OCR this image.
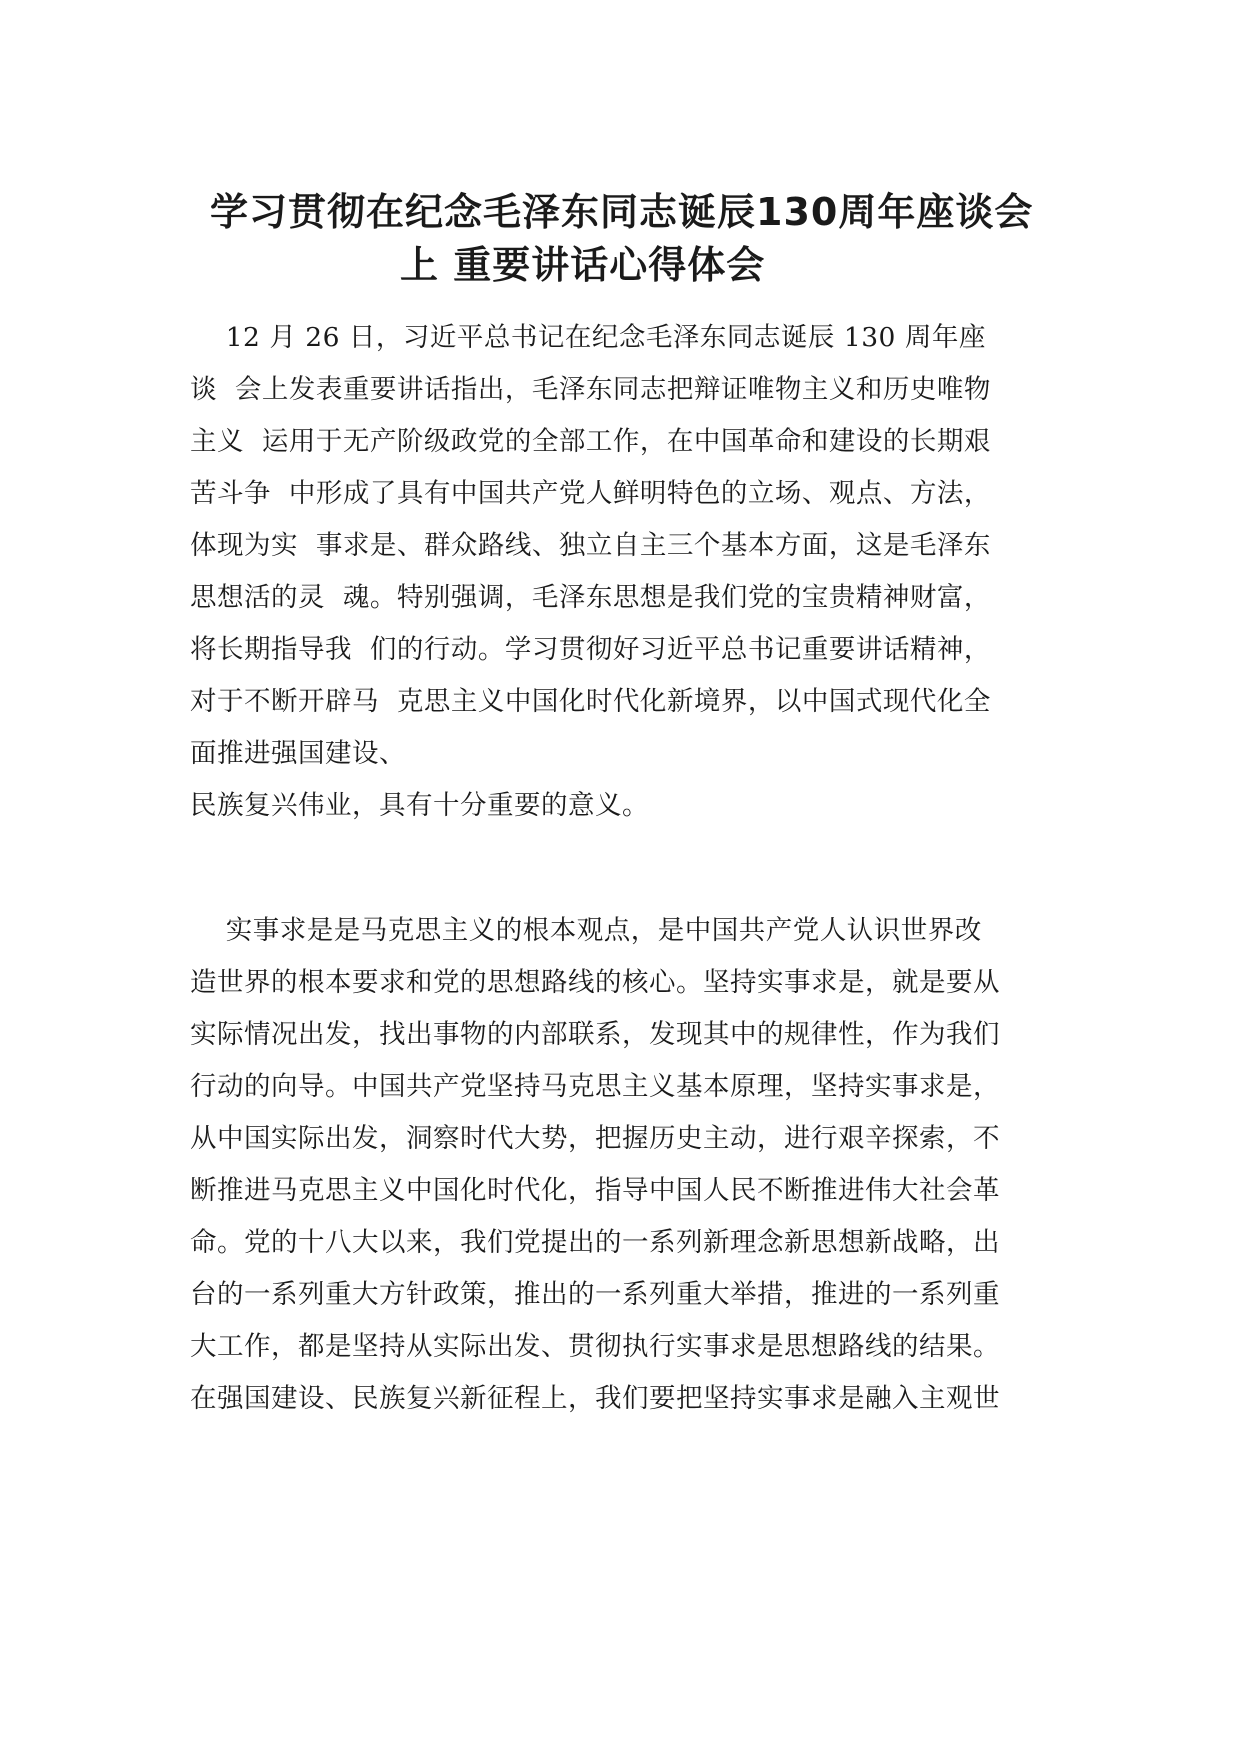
学习贯彻在纪念毛泽东同志诞辰130周年座谈会
上 重要讲话心得体会
12 月 26 日，习近平总书记在纪念毛泽东同志诞辰 130 周年座
谈  会上发表重要讲话指出，毛泽东同志把辩证唯物主义和历史唯物
主义  运用于无产阶级政党的全部工作，在中国革命和建设的长期艰
苦斗争  中形成了具有中国共产党人鲜明特色的立场、观点、方法，
体现为实  事求是、群众路线、独立自主三个基本方面，这是毛泽东
思想活的灵  魂。特别强调，毛泽东思想是我们党的宝贵精神财富，
将长期指导我  们的行动。学习贯彻好习近平总书记重要讲话精神，
对于不断开辟马  克思主义中国化时代化新境界，以中国式现代化全
面推进强国建设、
民族复兴伟业，具有十分重要的意义。
实事求是是马克思主义的根本观点，是中国共产党人认识世界改
造世界的根本要求和党的思想路线的核心。坚持实事求是，就是要从
实际情况出发，找出事物的内部联系，发现其中的规律性，作为我们
行动的向导。中国共产党坚持马克思主义基本原理，坚持实事求是，
从中国实际出发，洞察时代大势，把握历史主动，进行艰辛探索，不
断推进马克思主义中国化时代化，指导中国人民不断推进伟大社会革
命。党的十八大以来，我们党提出的一系列新理念新思想新战略，出
台的一系列重大方针政策，推出的一系列重大举措，推进的一系列重
大工作，都是坚持从实际出发、贯彻执行实事求是思想路线的结果。
在强国建设、民族复兴新征程上，我们要把坚持实事求是融入主观世
